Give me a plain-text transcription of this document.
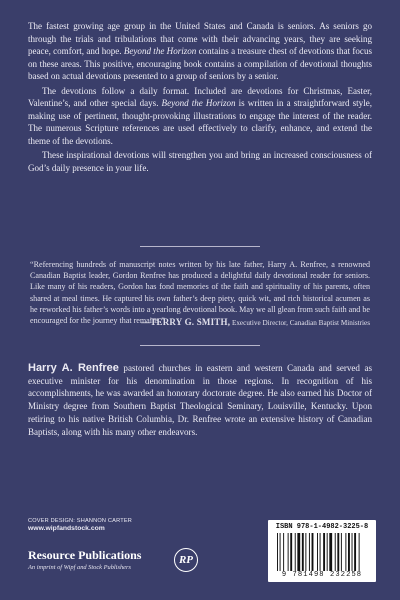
The fastest growing age group in the United States and Canada is seniors. As seniors go through the trials and tribulations that come with their advancing years, they are seeking peace, comfort, and hope. Beyond the Horizon contains a treasure chest of devotions that focus on these areas. This positive, encouraging book contains a compilation of devotional thoughts based on actual devotions presented to a group of seniors by a senior.

The devotions follow a daily format. Included are devotions for Christmas, Easter, Valentine’s, and other special days. Beyond the Horizon is written in a straightforward style, making use of pertinent, thought-provoking illustrations to engage the interest of the reader. The numerous Scripture references are used effectively to clarify, enhance, and extend the theme of the devotions.

These inspirational devotions will strengthen you and bring an increased consciousness of God’s daily presence in your life.

“Referencing hundreds of manuscript notes written by his late father, Harry A. Renfree, a renowned Canadian Baptist leader, Gordon Renfree has produced a delightful daily devotional reader for seniors. Like many of his readers, Gordon has fond memories of the faith and spirituality of his parents, often shared at meal times. He captured his own father’s deep piety, quick wit, and rich historical acumen as he reworked his father’s words into a yearlong devotional book. May we all glean from such faith and be encouraged for the journey that remains.”

—TERRY G. SMITH, Executive Director, Canadian Baptist Ministries

Harry A. Renfree pastored churches in eastern and western Canada and served as executive minister for his denomination in those regions. In recognition of his accomplishments, he was awarded an honorary doctorate degree. He also earned his Doctor of Ministry degree from Southern Baptist Theological Seminary, Louisville, Kentucky. Upon retiring to his native British Columbia, Dr. Renfree wrote an extensive history of Canadian Baptists, along with his many other endeavors.

COVER DESIGN: SHANNON CARTER
www.wipfandstock.com
Resource Publications
An imprint of Wipf and Stock Publishers
RP
ISBN 978-1-4982-3225-8
9 781498 232258
